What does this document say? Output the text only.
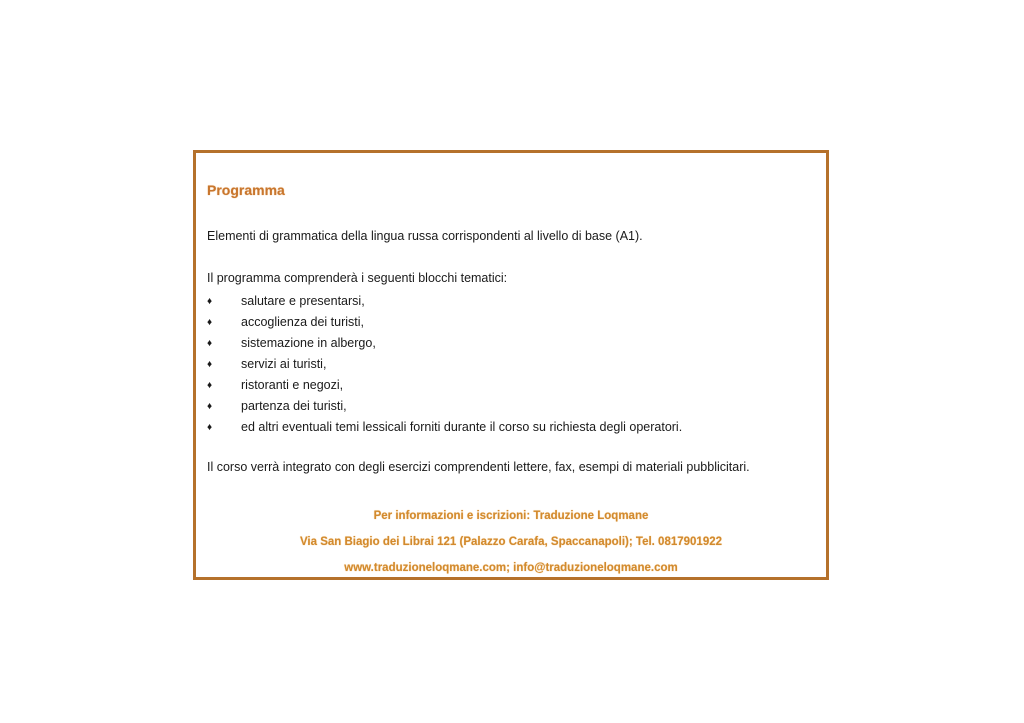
Programma

Elementi di grammatica della lingua russa corrispondenti al livello di base (A1).

Il programma comprenderà i seguenti blocchi tematici:

♦	salutare e presentarsi,
♦	accoglienza dei turisti,
♦	sistemazione in albergo,
♦	servizi ai turisti,
♦	ristoranti e negozi,
♦	partenza dei turisti,
♦	ed altri eventuali temi lessicali forniti durante il corso su richiesta degli operatori.

Il corso verrà integrato con degli esercizi comprendenti lettere, fax, esempi di materiali pubblicitari.

Per informazioni e iscrizioni: Traduzione Loqmane

Via San Biagio dei Librai 121 (Palazzo Carafa, Spaccanapoli); Tel. 0817901922

www.traduzioneloqmane.com; info@traduzioneloqmane.com
